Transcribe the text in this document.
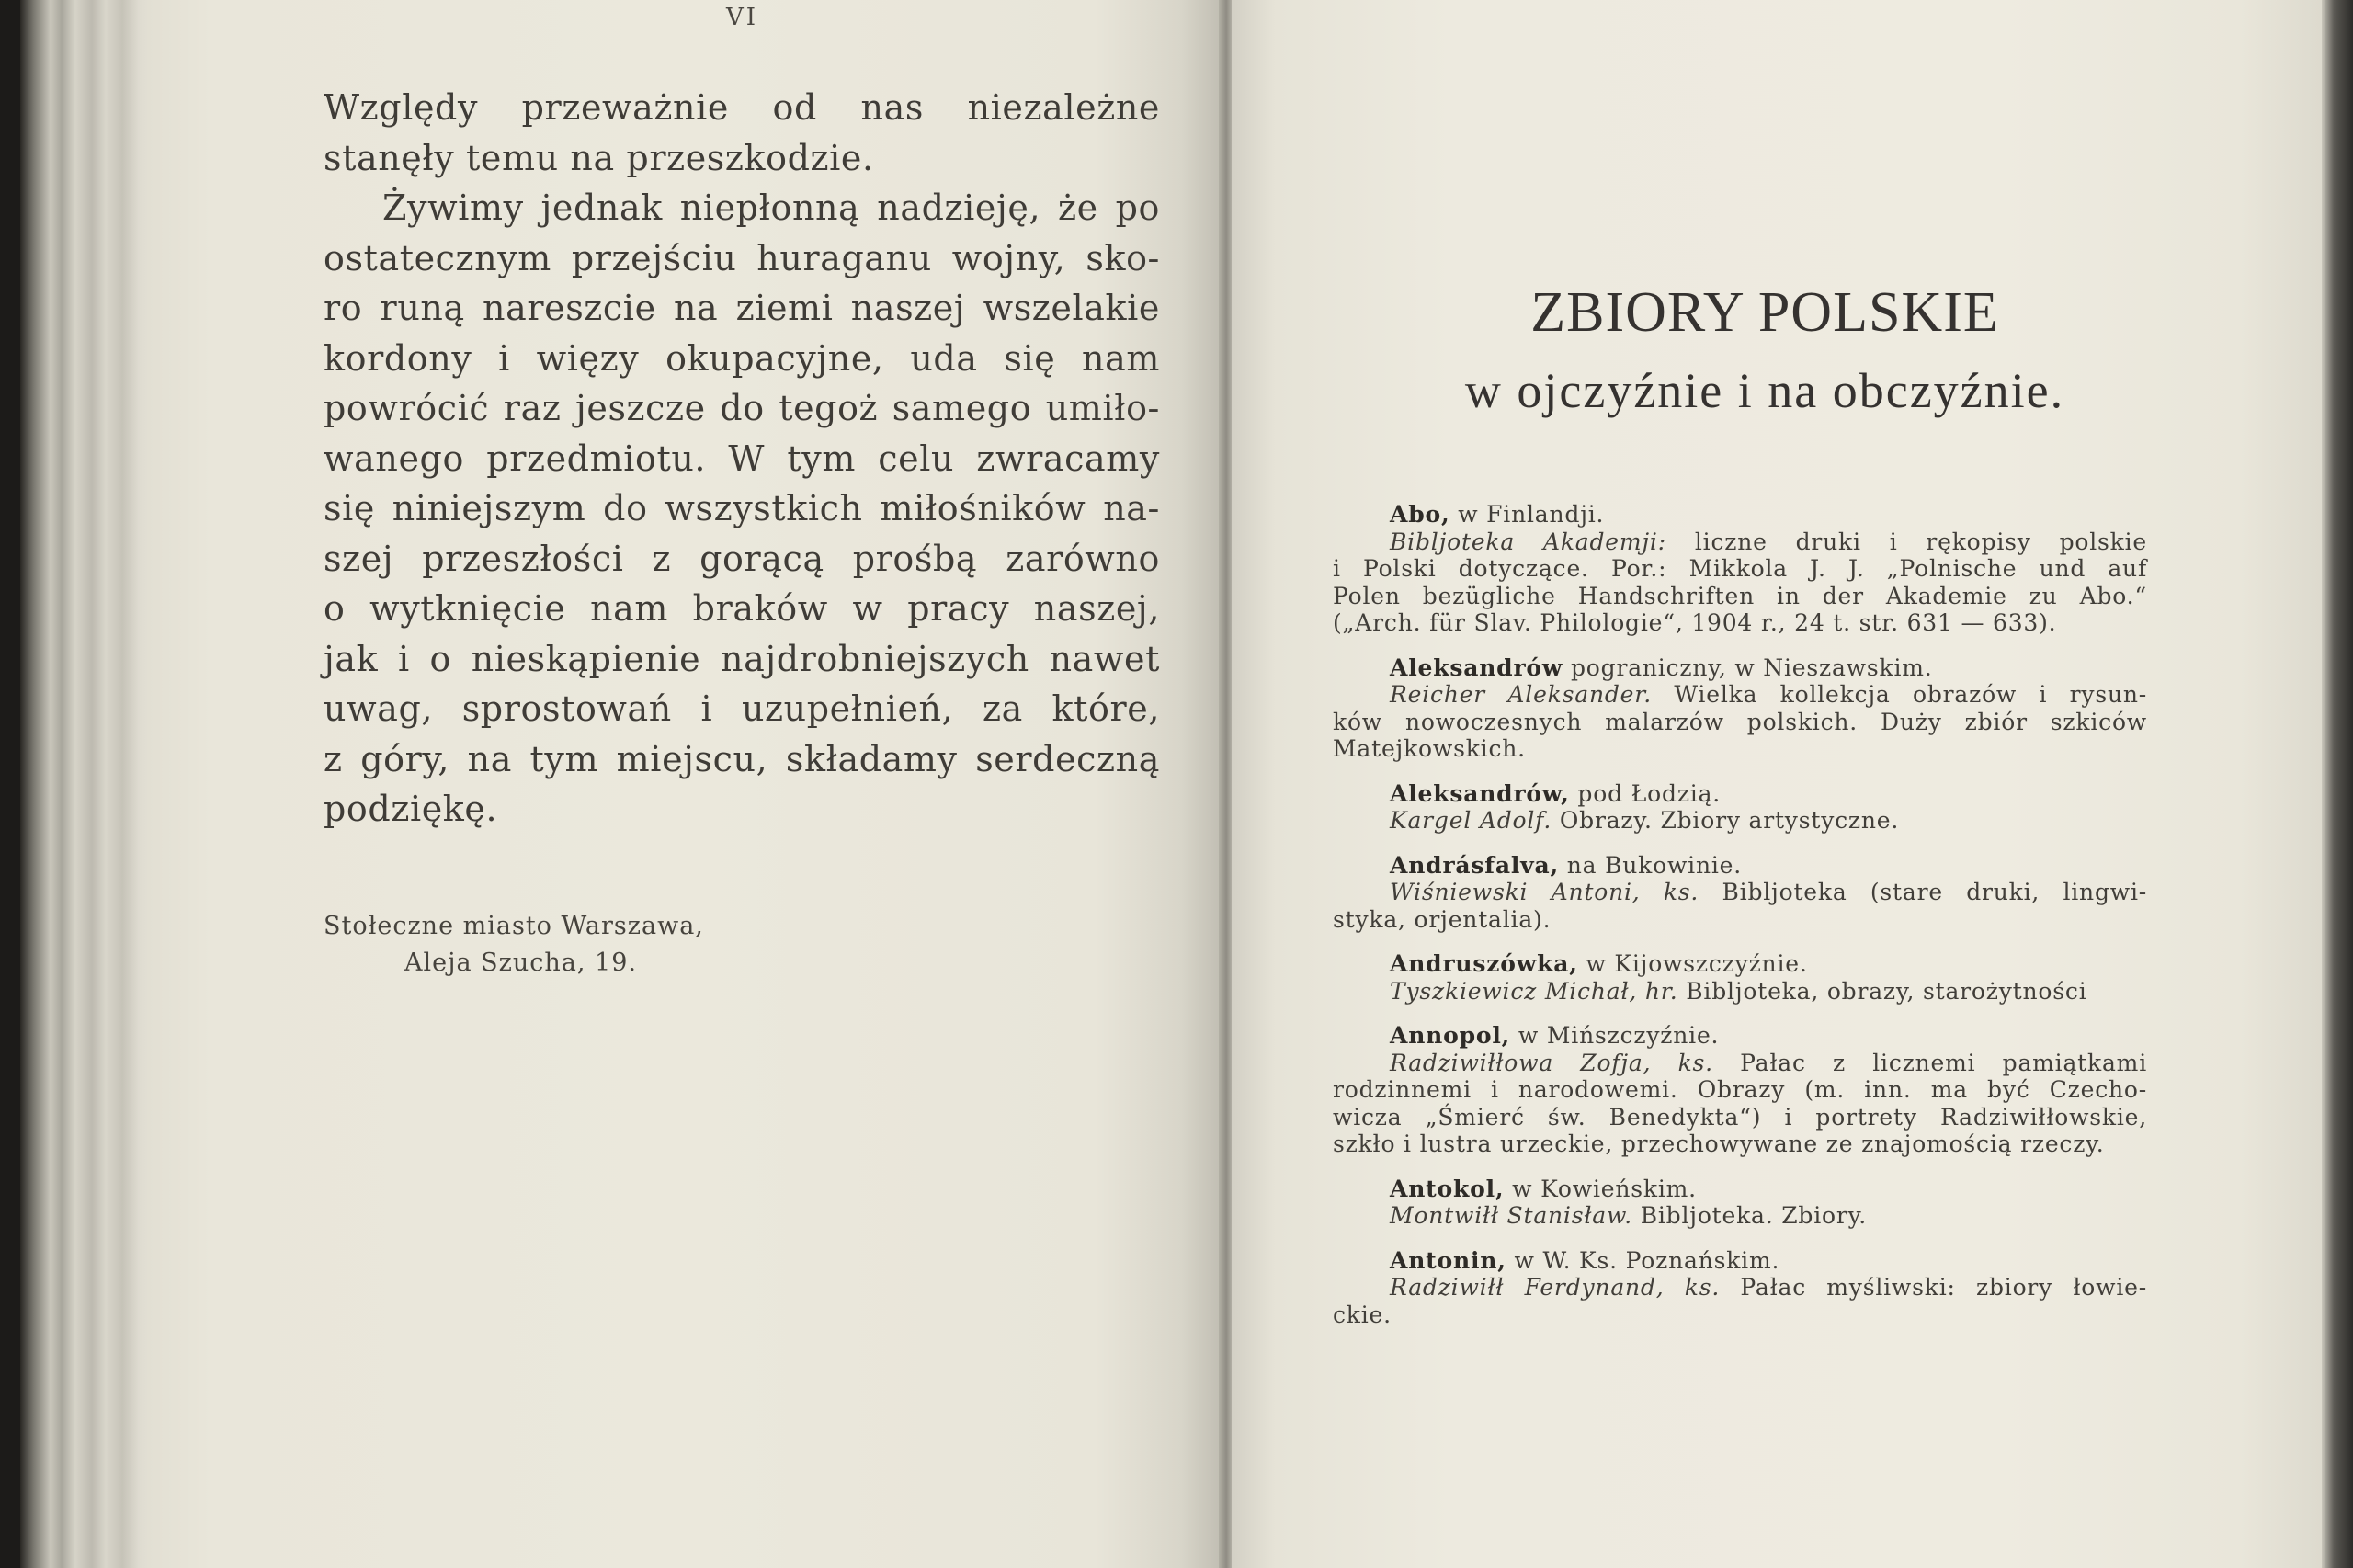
VI
Względy przeważnie od nas niezależne
stanęły temu na przeszkodzie.
Żywimy jednak niepłonną nadzieję, że po
ostatecznym przejściu huraganu wojny, sko-
ro runą nareszcie na ziemi naszej wszelakie
kordony i więzy okupacyjne, uda się nam
powrócić raz jeszcze do tegoż samego umiło-
wanego przedmiotu. W tym celu zwracamy
się niniejszym do wszystkich miłośników na-
szej przeszłości z gorącą prośbą zarówno
o wytknięcie nam braków w pracy naszej,
jak i o nieskąpienie najdrobniejszych nawet
uwag, sprostowań i uzupełnień, za które,
z góry, na tym miejscu, składamy serdeczną
podziękę.
Stołeczne miasto Warszawa,
Aleja Szucha, 19.
ZBIORY POLSKIE
w ojczyźnie i na obczyźnie.
Abo, w Finlandji.
Bibljoteka Akademji: liczne druki i rękopisy polskie
i Polski dotyczące. Por.: Mikkola J. J. „Polnische und auf
Polen bezügliche Handschriften in der Akademie zu Abo.“
(„Arch. für Slav. Philologie“, 1904 r., 24 t. str. 631 — 633).
Aleksandrów pograniczny, w Nieszawskim.
Reicher Aleksander. Wielka kollekcja obrazów i rysun-
ków nowoczesnych malarzów polskich. Duży zbiór szkiców
Matejkowskich.
Aleksandrów, pod Łodzią.
Kargel Adolf. Obrazy. Zbiory artystyczne.
Andrásfalva, na Bukowinie.
Wiśniewski Antoni, ks. Bibljoteka (stare druki, lingwi-
styka, orjentalia).
Andruszówka, w Kijowszczyźnie.
Tyszkiewicz Michał, hr. Bibljoteka, obrazy, starożytności
Annopol, w Mińszczyźnie.
Radziwiłłowa Zofja, ks. Pałac z licznemi pamiątkami
rodzinnemi i narodowemi. Obrazy (m. inn. ma być Czecho-
wicza „Śmierć św. Benedykta“) i portrety Radziwiłłowskie,
szkło i lustra urzeckie, przechowywane ze znajomością rzeczy.
Antokol, w Kowieńskim.
Montwiłł Stanisław. Bibljoteka. Zbiory.
Antonin, w W. Ks. Poznańskim.
Radziwiłł Ferdynand, ks. Pałac myśliwski: zbiory łowie-
ckie.
